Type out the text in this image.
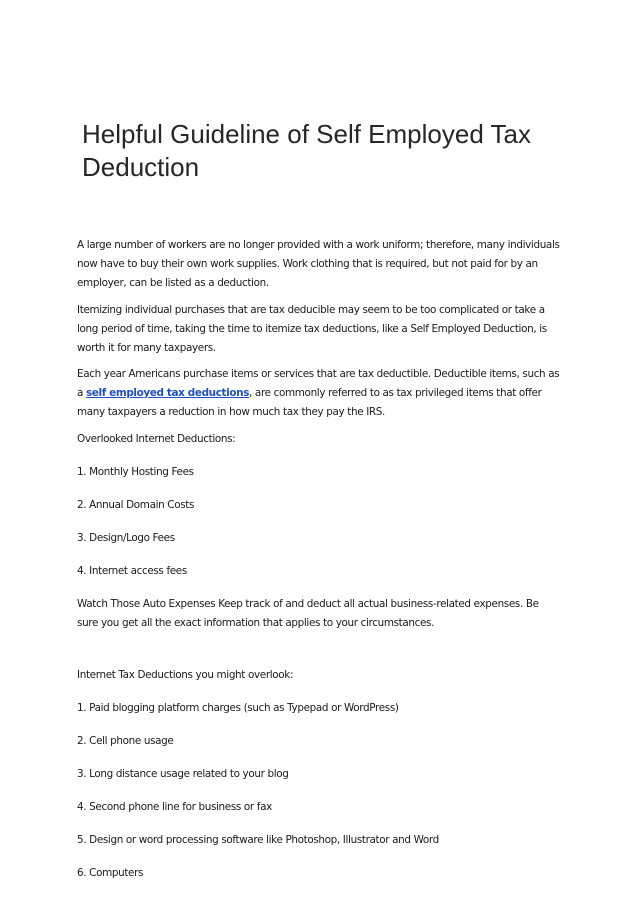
Helpful Guideline of Self Employed Tax Deduction

A large number of workers are no longer provided with a work uniform; therefore, many individuals now have to buy their own work supplies. Work clothing that is required, but not paid for by an employer, can be listed as a deduction.

Itemizing individual purchases that are tax deducible may seem to be too complicated or take a long period of time, taking the time to itemize tax deductions, like a Self Employed Deduction, is worth it for many taxpayers.

Each year Americans purchase items or services that are tax deductible. Deductible items, such as a self employed tax deductions, are commonly referred to as tax privileged items that offer many taxpayers a reduction in how much tax they pay the IRS.

Overlooked Internet Deductions:

1. Monthly Hosting Fees

2. Annual Domain Costs

3. Design/Logo Fees

4. Internet access fees

Watch Those Auto Expenses Keep track of and deduct all actual business-related expenses. Be sure you get all the exact information that applies to your circumstances.

Internet Tax Deductions you might overlook:

1. Paid blogging platform charges (such as Typepad or WordPress)

2. Cell phone usage

3. Long distance usage related to your blog

4. Second phone line for business or fax

5. Design or word processing software like Photoshop, Illustrator and Word

6. Computers
